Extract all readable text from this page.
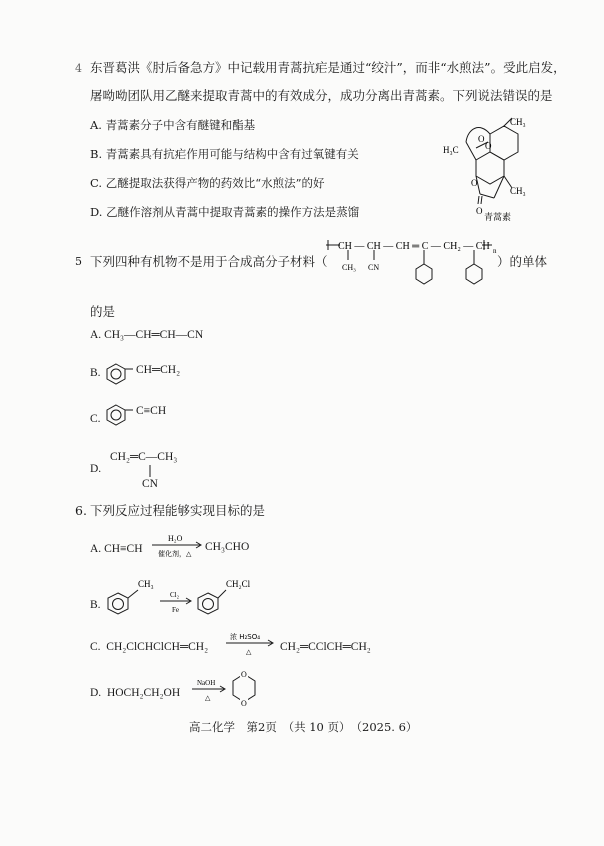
4 东晋葛洪《肘后备急方》中记载用青蒿抗疟是通过“绞汁”，而非“水煎法”。受此启发，
屠呦呦团队用乙醚来提取青蒿中的有效成分，成功分离出青蒿素。下列说法错误的是
A. 青蒿素分子中含有醚键和酯基
B. 青蒿素具有抗疟作用可能与结构中含有过氧键有关
C. 乙醚提取法获得产物的药效比“水煎法”的好
D. 乙醚作溶剂从青蒿中提取青蒿素的操作方法是蒸馏
CH₃
H₃C
O
O
O
O
CH₃
青蒿素
5 下列四种有机物不是用于合成高分子材料（	）的单体
的是
CH — CH — CH ═ C — CH₂ — CH
CH₃ CN
n
A. CH₃—CH═CH—CN
B.	CH═CH₂
C.
C≡CH
D.
CH₂═C—CH₃
CN
6. 下列反应过程能够实现目标的是
A. CH≡CH
H₂O
催化剂，△
CH₃CHO
B.
CH₃
Cl₂
Fe
CH₂Cl
C. CH₂ClCHClCH═CH₂
浓 H₂SO₄
△ CH₂═CClCH═CH₂
D. HOCH₂CH₂OH
NaOH
△
O
O
高二化学　第2页　（共 10 页）　（2025. 6）
